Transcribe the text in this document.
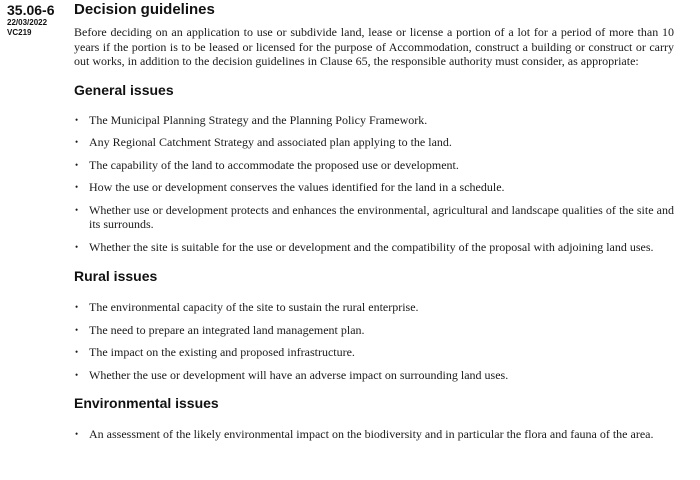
35.06-6
22/03/2022
VC219
Decision guidelines

Before deciding on an application to use or subdivide land, lease or license a portion of a lot for a period of more than 10 years if the portion is to be leased or licensed for the purpose of Accommodation, construct a building or construct or carry out works, in addition to the decision guidelines in Clause 65, the responsible authority must consider, as appropriate:

General issues
• The Municipal Planning Strategy and the Planning Policy Framework.
• Any Regional Catchment Strategy and associated plan applying to the land.
• The capability of the land to accommodate the proposed use or development.
• How the use or development conserves the values identified for the land in a schedule.
• Whether use or development protects and enhances the environmental, agricultural and landscape qualities of the site and its surrounds.
• Whether the site is suitable for the use or development and the compatibility of the proposal with adjoining land uses.
Rural issues
• The environmental capacity of the site to sustain the rural enterprise.
• The need to prepare an integrated land management plan.
• The impact on the existing and proposed infrastructure.
• Whether the use or development will have an adverse impact on surrounding land uses.
Environmental issues
• An assessment of the likely environmental impact on the biodiversity and in particular the flora and fauna of the area.
